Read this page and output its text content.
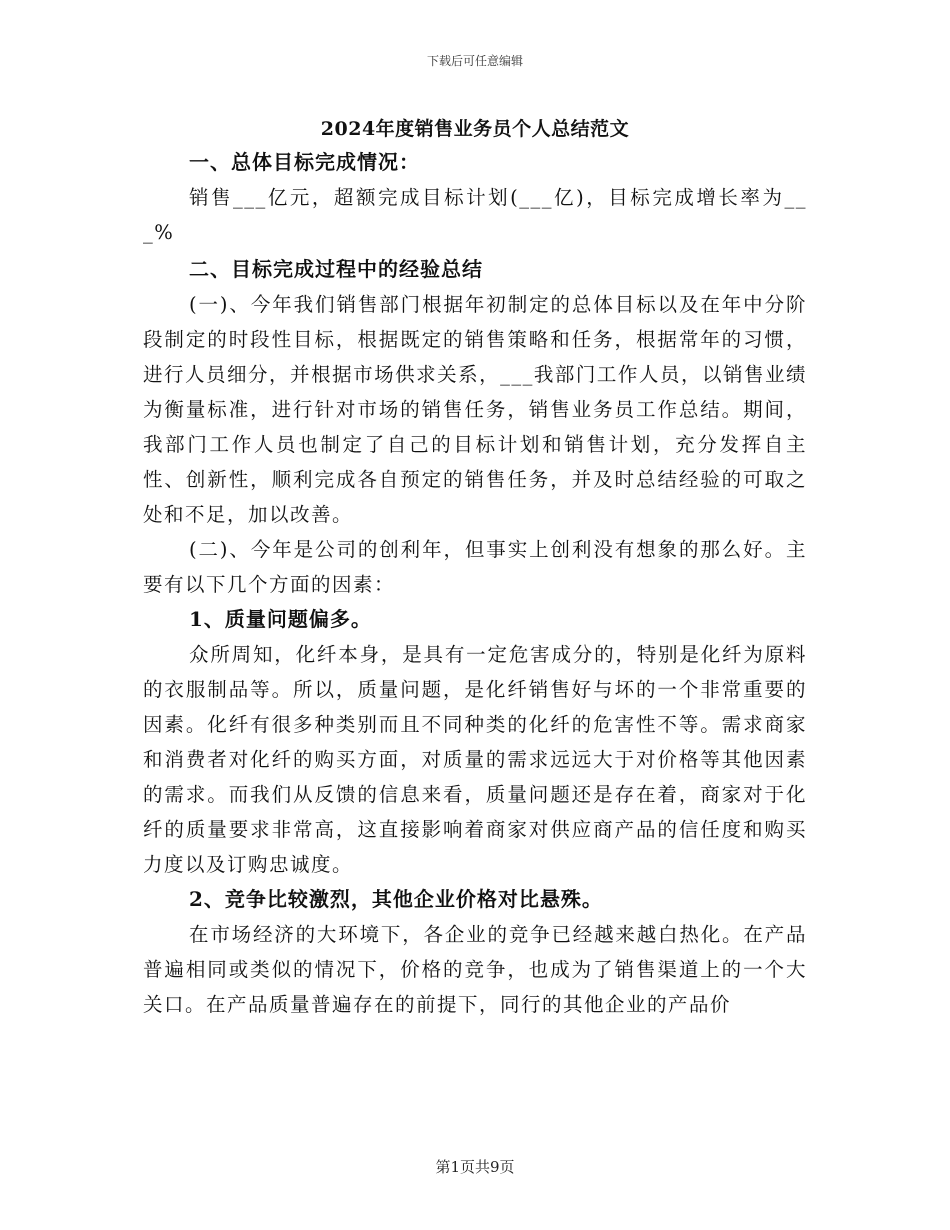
下载后可任意编辑
2024年度销售业务员个人总结范文

一、总体目标完成情况：

销售___亿元，超额完成目标计划(___亿)，目标完成增长率为___%

二、目标完成过程中的经验总结

(一)、今年我们销售部门根据年初制定的总体目标以及在年中分阶段制定的时段性目标，根据既定的销售策略和任务，根据常年的习惯，进行人员细分，并根据市场供求关系，___我部门工作人员，以销售业绩为衡量标准，进行针对市场的销售任务，销售业务员工作总结。期间，我部门工作人员也制定了自己的目标计划和销售计划，充分发挥自主性、创新性，顺利完成各自预定的销售任务，并及时总结经验的可取之处和不足，加以改善。

(二)、今年是公司的创利年，但事实上创利没有想象的那么好。主要有以下几个方面的因素：

1、质量问题偏多。

众所周知，化纤本身，是具有一定危害成分的，特别是化纤为原料的衣服制品等。所以，质量问题，是化纤销售好与坏的一个非常重要的因素。化纤有很多种类别而且不同种类的化纤的危害性不等。需求商家和消费者对化纤的购买方面，对质量的需求远远大于对价格等其他因素的需求。而我们从反馈的信息来看，质量问题还是存在着，商家对于化纤的质量要求非常高，这直接影响着商家对供应商产品的信任度和购买力度以及订购忠诚度。

2、竞争比较激烈，其他企业价格对比悬殊。

在市场经济的大环境下，各企业的竞争已经越来越白热化。在产品普遍相同或类似的情况下，价格的竞争，也成为了销售渠道上的一个大关口。在产品质量普遍存在的前提下，同行的其他企业的产品价

第1页共9页
